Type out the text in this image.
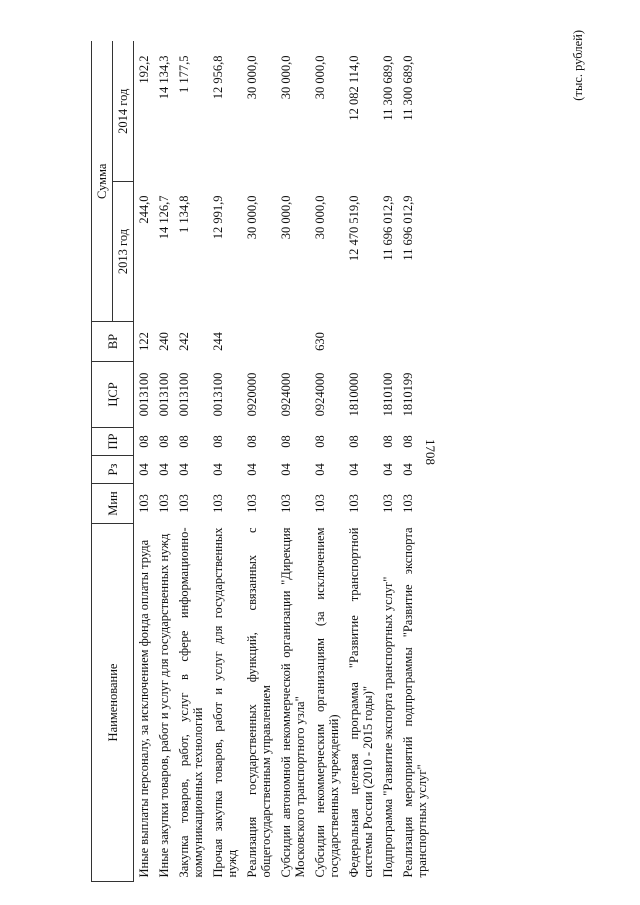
1708
Наименование	Мин	Рз	ПР	ЦСР	ВР	Сумма	
						2013 год	2014 год
Иные выплаты персоналу, за исключением фонда оплаты труда	103	04	08	0013100	122	244,0	192,2
Иные закупки товаров, работ и услуг для государственных нужд	103	04	08	0013100	240	14 126,7	14 134,3
Закупка товаров, работ, услуг в сфере информационно-коммуникационных технологий	103	04	08	0013100	242	1 134,8	1 177,5
Прочая закупка товаров, работ и услуг для государственных нужд	103	04	08	0013100	244	12 991,9	12 956,8
Реализация государственных функций, связанных с общегосударственным управлением	103	04	08	0920000		30 000,0	30 000,0
Субсидии автономной некоммерческой организации "Дирекция Московского транспортного узла"	103	04	08	0924000		30 000,0	30 000,0
Субсидии некоммерческим организациям (за исключением государственных учреждений)	103	04	08	0924000	630	30 000,0	30 000,0
Федеральная целевая программа "Развитие транспортной системы России (2010 - 2015 годы)"	103	04	08	1810000		12 470 519,0	12 082 114,0
Подпрограмма "Развитие экспорта транспортных услуг"	103	04	08	1810100		11 696 012,9	11 300 689,0
Реализация мероприятий подпрограммы "Развитие экспорта транспортных услуг"	103	04	08	1810199		11 696 012,9	11 300 689,0	(тыс. рублей)
